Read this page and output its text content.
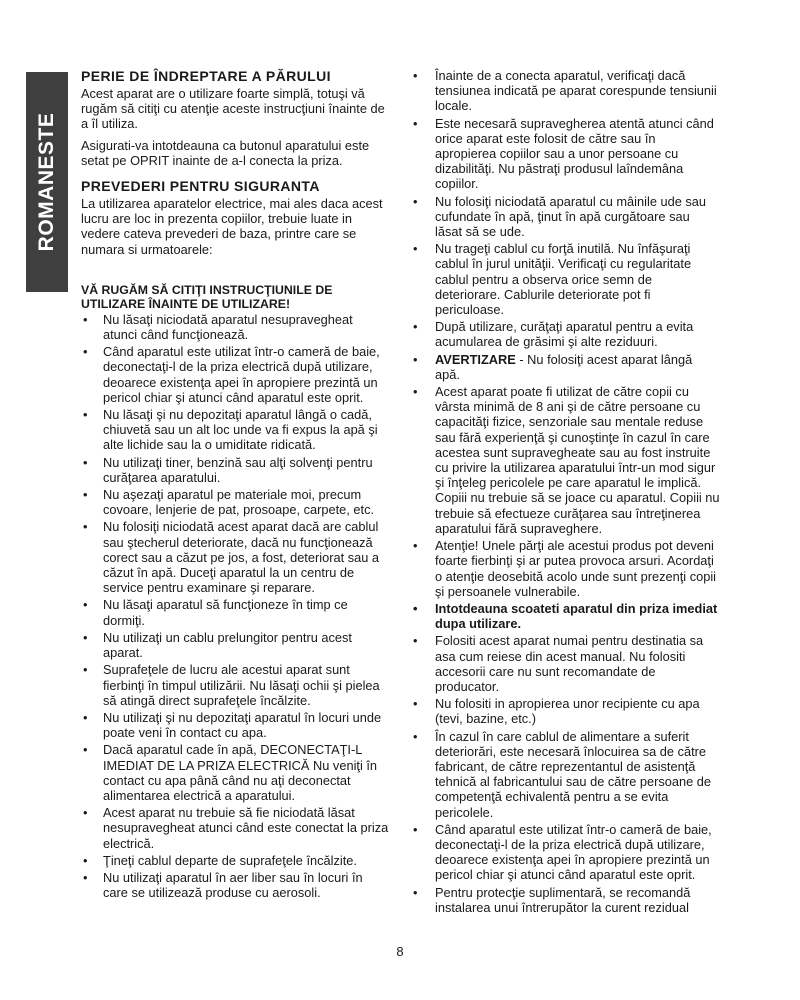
ROMANESTE
PERIE DE ÎNDREPTARE A PĂRULUI

Acest aparat are o utilizare foarte simplă, totuşi vă rugăm să citiţi cu atenţie aceste instrucţiuni înainte de a îl utiliza.

Asigurati-va intotdeauna ca butonul aparatului este setat pe OPRIT inainte de a-l conecta la priza.

PREVEDERI PENTRU SIGURANTA

La utilizarea aparatelor electrice, mai ales daca acest lucru are loc in prezenta copiilor, trebuie luate in vedere cateva prevederi de baza, printre care se numara si urmatoarele:

VĂ RUGĂM SĂ CITIŢI INSTRUCŢIUNILE DE UTILIZARE ÎNAINTE DE UTILIZARE!
• Nu lăsaţi niciodată aparatul nesupravegheat atunci când funcţionează.
• Când aparatul este utilizat într-o cameră de baie, deconectaţi-l de la priza electrică după utilizare, deoarece existenţa apei în apropiere prezintă un pericol chiar şi atunci când aparatul este oprit.
• Nu lăsaţi şi nu depozitaţi aparatul lângă o cadă, chiuvetă sau un alt loc unde va fi expus la apă şi alte lichide sau la o umiditate ridicată.
• Nu utilizaţi tiner, benzină sau alţi solvenţi pentru curăţarea aparatului.
• Nu aşezaţi aparatul pe materiale moi, precum covoare, lenjerie de pat, prosoape, carpete, etc.
• Nu folosiţi niciodată acest aparat dacă are cablul sau ştecherul deteriorate, dacă nu funcţionează corect sau a căzut pe jos, a fost, deteriorat sau a căzut în apă. Duceţi aparatul la un centru de service pentru examinare şi reparare.
• Nu lăsaţi aparatul să funcţioneze în timp ce dormiţi.
• Nu utilizaţi un cablu prelungitor pentru acest aparat.
• Suprafeţele de lucru ale acestui aparat sunt fierbinţi în timpul utilizării. Nu lăsaţi ochii şi pielea să atingă direct suprafeţele încălzite.
• Nu utilizaţi şi nu depozitaţi aparatul în locuri unde poate veni în contact cu apa.
• Dacă aparatul cade în apă, DECONECTAŢI-L IMEDIAT DE LA PRIZA ELECTRICĂ Nu veniţi în contact cu apa până când nu aţi deconectat alimentarea electrică a aparatului.
• Acest aparat nu trebuie să fie niciodată lăsat nesupravegheat atunci când este conectat la priza electrică.
• Ţineţi cablul departe de suprafeţele încălzite.
• Nu utilizaţi aparatul în aer liber sau în locuri în care se utilizează produse cu aerosoli.
• Înainte de a conecta aparatul, verificaţi dacă tensiunea indicată pe aparat corespunde tensiunii locale.
• Este necesară supravegherea atentă atunci când orice aparat este folosit de către sau în apropierea copiilor sau a unor persoane cu dizabilităţi. Nu păstraţi produsul laîndemâna copiilor.
• Nu folosiţi niciodată aparatul cu mâinile ude sau cufundate în apă, ţinut în apă curgătoare sau lăsat să se ude.
• Nu trageţi cablul cu forţă inutilă. Nu înfăşuraţi cablul în jurul unităţii. Verificaţi cu regularitate cablul pentru a observa orice semn de deteriorare. Cablurile deteriorate pot fi periculoase.
• După utilizare, curăţaţi aparatul pentru a evita acumularea de grăsimi şi alte reziduuri.
• AVERTIZARE - Nu folosiţi acest aparat lângă apă.
• Acest aparat poate fi utilizat de către copii cu vârsta minimă de 8 ani şi de către persoane cu capacităţi fizice, senzoriale sau mentale reduse sau fără experienţă şi cunoştinţe în cazul în care acestea sunt supravegheate sau au fost instruite cu privire la utilizarea aparatului într-un mod sigur şi înţeleg pericolele pe care aparatul le implică. Copiii nu trebuie să se joace cu aparatul. Copiii nu trebuie să efectueze curăţarea sau întreţinerea aparatului fără supraveghere.
• Atenţie! Unele părţi ale acestui produs pot deveni foarte fierbinţi şi ar putea provoca arsuri. Acordaţi o atenţie deosebită acolo unde sunt prezenţi copii şi persoanele vulnerabile.
• Intotdeauna scoateti aparatul din priza imediat dupa utilizare.
• Folositi acest aparat numai pentru destinatia sa asa cum reiese din acest manual. Nu folositi accesorii care nu sunt recomandate de producator.
• Nu folositi in apropierea unor recipiente cu apa (tevi, bazine, etc.)
• În cazul în care cablul de alimentare a suferit deteriorări, este necesară înlocuirea sa de către fabricant, de către reprezentantul de asistenţă tehnică al fabricantului sau de către persoane de competenţă echivalentă pentru a se evita pericolele.
• Când aparatul este utilizat într-o cameră de baie, deconectaţi-l de la priza electrică după utilizare, deoarece existenţa apei în apropiere prezintă un pericol chiar şi atunci când aparatul este oprit.
• Pentru protecţie suplimentară, se recomandă instalarea unui întrerupător la curent rezidual
8
